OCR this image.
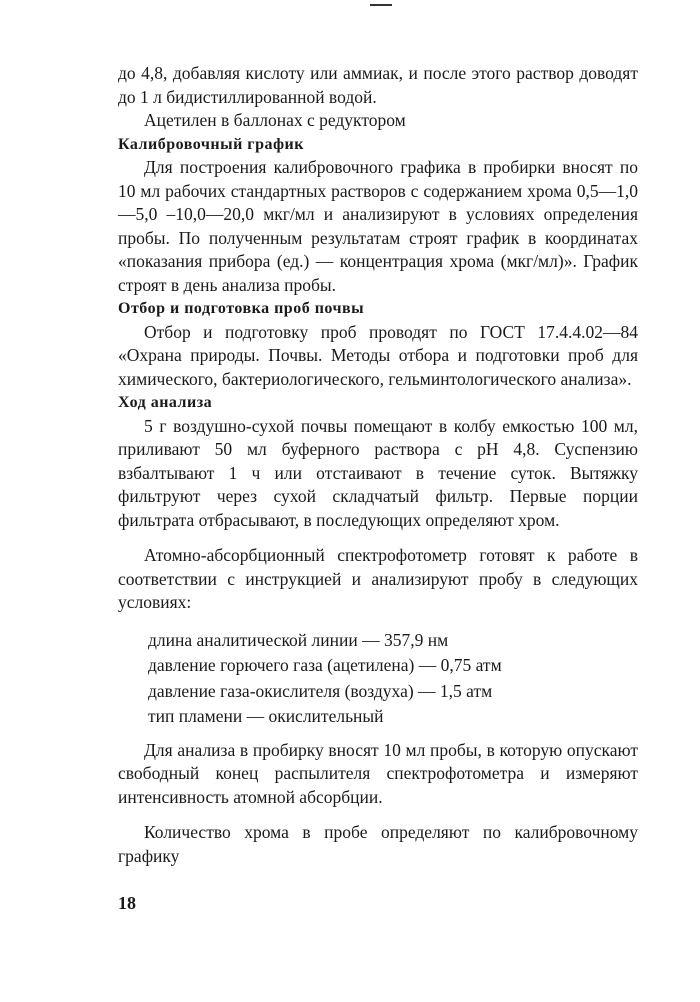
до 4,8, добавляя кислоту или аммиак, и после этого раствор доводят до 1 л бидистиллированной водой.

Ацетилен в баллонах с редуктором

Калибровочный график

Для построения калибровочного графика в пробирки вносят по 10 мл рабочих стандартных растворов с содержанием хрома 0,5—1,0—5,0 –10,0—20,0 мкг/мл и анализируют в условиях определения пробы. По полученным результатам строят график в координатах «показания прибора (ед.) — концентрация хрома (мкг/мл)». График строят в день анализа пробы.

Отбор и подготовка проб почвы

Отбор и подготовку проб проводят по ГОСТ 17.4.4.02—84 «Охрана природы. Почвы. Методы отбора и подготовки проб для химического, бактериологического, гельминтологического анализа».

Ход анализа

5 г воздушно-сухой почвы помещают в колбу емкостью 100 мл, приливают 50 мл буферного раствора с рН 4,8. Суспензию взбалтывают 1 ч или отстаивают в течение суток. Вытяжку фильтруют через сухой складчатый фильтр. Первые порции фильтрата отбрасывают, в последующих определяют хром.

Атомно-абсорбционный спектрофотометр готовят к работе в соответствии с инструкцией и анализируют пробу в следующих условиях:

длина аналитической линии — 357,9 нм
давление горючего газа (ацетилена) — 0,75 атм
давление газа-окислителя (воздуха) — 1,5 атм
тип пламени — окислительный

Для анализа в пробирку вносят 10 мл пробы, в которую опускают свободный конец распылителя спектрофотометра и измеряют интенсивность атомной абсорбции.

Количество хрома в пробе определяют по калибровочному графику

18
